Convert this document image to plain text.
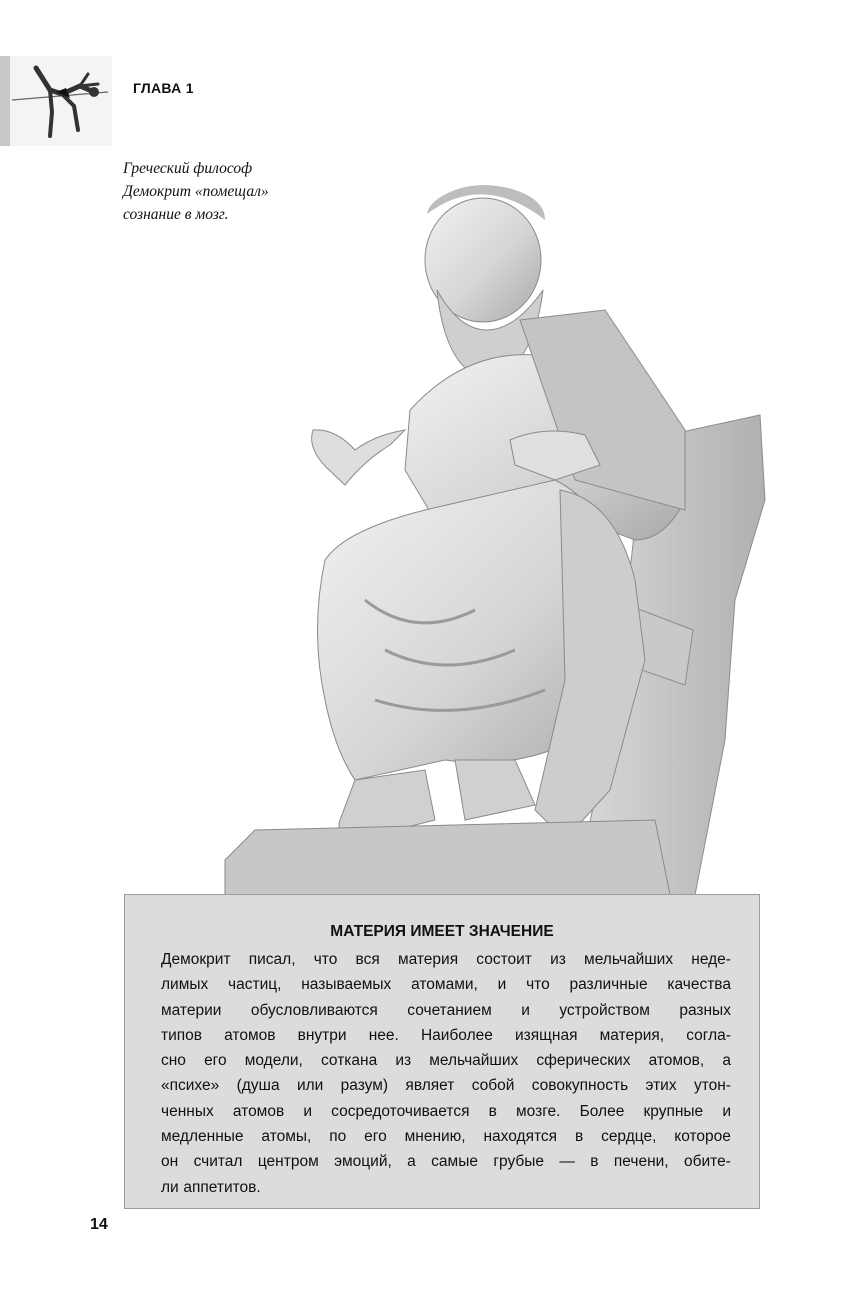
ГЛАВА 1
Греческий философ
Демокрит «помещал»
сознание в мозг.
МАТЕРИЯ ИМЕЕТ ЗНАЧЕНИЕ
Демокрит писал, что вся материя состоит из мельчайших неде-
лимых частиц, называемых атомами, и что различные качества
материи обусловливаются сочетанием и устройством разных
типов атомов внутри нее. Наиболее изящная материя, согла-
сно его модели, соткана из мельчайших сферических атомов, а
«психе» (душа или разум) являет собой совокупность этих утон-
ченных атомов и сосредоточивается в мозге. Более крупные и
медленные атомы, по его мнению, находятся в сердце, которое
он считал центром эмоций, а самые грубые — в печени, обите-
ли аппетитов.
14
